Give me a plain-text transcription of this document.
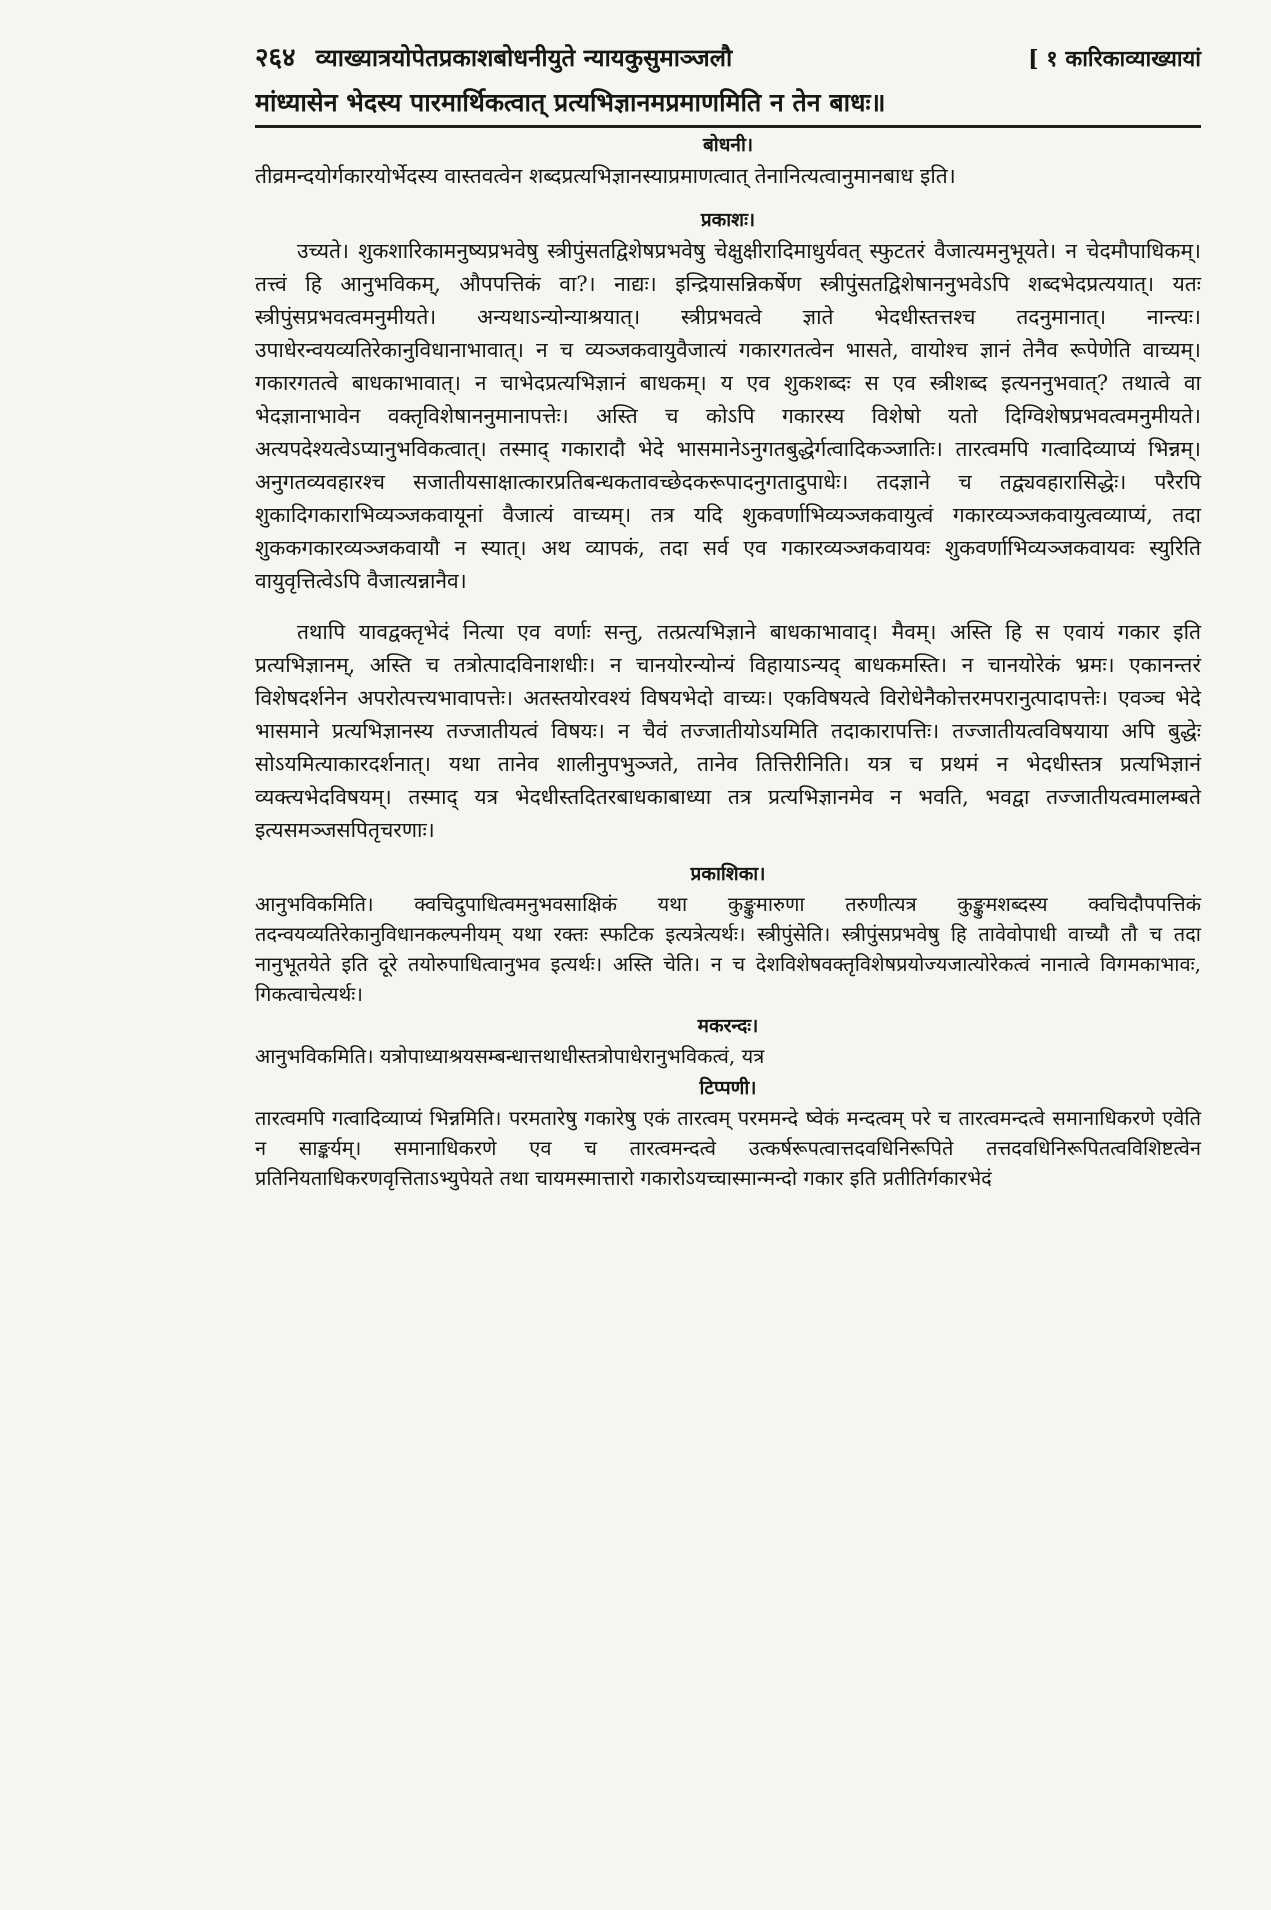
२६४ व्याख्यात्रयोपेतप्रकाशबोधनीयुते न्यायकुसुमाञ्जलौ	[ १ कारिकाव्याख्यायां
मांध्यासेन भेदस्य पारमार्थिकत्वात् प्रत्यभिज्ञानमप्रमाणमिति न तेन बाधः॥
बोधनी।

तीव्रमन्दयोर्गकारयोर्भेदस्य वास्तवत्वेन शब्दप्रत्यभिज्ञानस्याप्रमाणत्वात् तेनानित्यत्वानुमानबाध इति।

प्रकाशः।

उच्यते। शुकशारिकामनुष्यप्रभवेषु स्त्रीपुंसतद्विशेषप्रभवेषु चेक्षुक्षीरादिमाधुर्यवत् स्फुटतरं वैजात्यमनुभूयते। न चेदमौपाधिकम्। तत्त्वं हि आनुभविकम्, औपपत्तिकं वा?। नाद्यः। इन्द्रियासन्निकर्षेण स्त्रीपुंसतद्विशेषाननुभवेऽपि शब्दभेदप्रत्ययात्। यतः स्त्रीपुंसप्रभवत्वमनुमीयते। अन्यथाऽन्योन्याश्रयात्। स्त्रीप्रभवत्वे ज्ञाते भेदधीस्तत्तश्च तदनुमानात्। नान्त्यः। उपाधेरन्वयव्यतिरेकानुविधानाभावात्। न च व्यञ्जकवायुवैजात्यं गकारगतत्वेन भासते, वायोश्च ज्ञानं तेनैव रूपेणेति वाच्यम्। गकारगतत्वे बाधकाभावात्। न चाभेदप्रत्यभिज्ञानं बाधकम्। य एव शुकशब्दः स एव स्त्रीशब्द इत्यननुभवात्? तथात्वे वा भेदज्ञानाभावेन वक्तृविशेषाननुमानापत्तेः। अस्ति च कोऽपि गकारस्य विशेषो यतो दिग्विशेषप्रभवत्वमनुमीयते। अत्यपदेश्यत्वेऽप्यानुभविकत्वात्। तस्माद् गकारादौ भेदे भासमानेऽनुगतबुद्धेर्गत्वादिकञ्जातिः। तारत्वमपि गत्वादिव्याप्यं भिन्नम्। अनुगतव्यवहारश्च सजातीयसाक्षात्कारप्रतिबन्धकतावच्छेदकरूपादनुगतादुपाधेः। तदज्ञाने च तद्व्यवहारासिद्धेः। परैरपि शुकादिगकाराभिव्यञ्जकवायूनां वैजात्यं वाच्यम्। तत्र यदि शुकवर्णाभिव्यञ्जकवायुत्वं गकारव्यञ्जकवायुत्वव्याप्यं, तदा शुककगकारव्यञ्जकवायौ न स्यात्। अथ व्यापकं, तदा सर्व एव गकारव्यञ्जकवायवः शुकवर्णाभिव्यञ्जकवायवः स्युरिति वायुवृत्तित्वेऽपि वैजात्यन्नानैव।

तथापि यावद्वक्तृभेदं नित्या एव वर्णाः सन्तु, तत्प्रत्यभिज्ञाने बाधकाभावाद्। मैवम्। अस्ति हि स एवायं गकार इति प्रत्यभिज्ञानम्, अस्ति च तत्रोत्पादविनाशधीः। न चानयोरन्योन्यं विहायाऽन्यद् बाधकमस्ति। न चानयोरेकं भ्रमः। एकानन्तरं विशेषदर्शनेन अपरोत्पत्त्यभावापत्तेः। अतस्तयोरवश्यं विषयभेदो वाच्यः। एकविषयत्वे विरोधेनैकोत्तरमपरानुत्पादापत्तेः। एवञ्च भेदे भासमाने प्रत्यभिज्ञानस्य तज्जातीयत्वं विषयः। न चैवं तज्जातीयोऽयमिति तदाकारापत्तिः। तज्जातीयत्वविषयाया अपि बुद्धेः सोऽयमित्याकारदर्शनात्। यथा तानेव शालीनुपभुञ्जते, तानेव तित्तिरीनिति। यत्र च प्रथमं न भेदधीस्तत्र प्रत्यभिज्ञानं व्यक्त्यभेदविषयम्। तस्माद् यत्र भेदधीस्तदितरबाधकाबाध्या तत्र प्रत्यभिज्ञानमेव न भवति, भवद्वा तज्जातीयत्वमालम्बते इत्यसमञ्जसपितृचरणाः।

प्रकाशिका।

आनुभविकमिति। क्वचिदुपाधित्वमनुभवसाक्षिकं यथा कुङ्कुमारुणा तरुणीत्यत्र कुङ्कुमशब्दस्य क्वचिदौपपत्तिकं तदन्वयव्यतिरेकानुविधानकल्पनीयम् यथा रक्तः स्फटिक इत्यत्रेत्यर्थः। स्त्रीपुंसेति। स्त्रीपुंसप्रभवेषु हि तावेवोपाधी वाच्यौ तौ च तदा नानुभूतयेते इति दूरे तयोरुपाधित्वानुभव इत्यर्थः। अस्ति चेति। न च देशविशेषवक्तृविशेषप्रयोज्यजात्योरेकत्वं नानात्वे विगमकाभावः, गिकत्वाचेत्यर्थः।

मकरन्दः।

आनुभविकमिति। यत्रोपाध्याश्रयसम्बन्धात्तथाधीस्तत्रोपाधेरानुभविकत्वं, यत्र

टिप्पणी।

तारत्वमपि गत्वादिव्याप्यं भिन्नमिति। परमतारेषु गकारेषु एकं तारत्वम् परममन्दे ष्वेकं मन्दत्वम् परे च तारत्वमन्दत्वे समानाधिकरणे एवेति न साङ्कर्यम्। समानाधिकरणे एव च तारत्वमन्दत्वे उत्कर्षरूपत्वात्तदवधिनिरूपिते तत्तदवधिनिरूपितत्वविशिष्टत्वेन प्रतिनियताधिकरणवृत्तिताऽभ्युपेयते तथा चायमस्मात्तारो गकारोऽयच्चास्मान्मन्दो गकार इति प्रतीतिर्गकारभेदं
